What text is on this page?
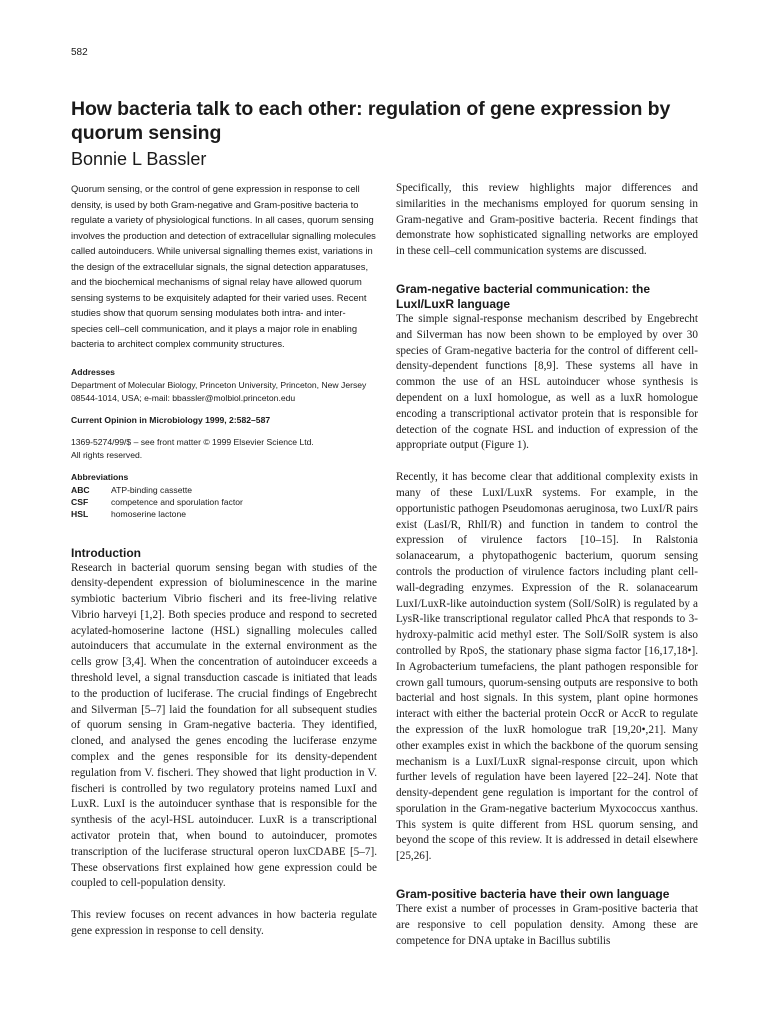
582
How bacteria talk to each other: regulation of gene expression by quorum sensing
Bonnie L Bassler

Quorum sensing, or the control of gene expression in response to cell density, is used by both Gram-negative and Gram-positive bacteria to regulate a variety of physiological functions. In all cases, quorum sensing involves the production and detection of extracellular signalling molecules called autoinducers. While universal signalling themes exist, variations in the design of the extracellular signals, the signal detection apparatuses, and the biochemical mechanisms of signal relay have allowed quorum sensing systems to be exquisitely adapted for their varied uses. Recent studies show that quorum sensing modulates both intra- and inter-species cell–cell communication, and it plays a major role in enabling bacteria to architect complex community structures.

Addresses

Department of Molecular Biology, Princeton University, Princeton, New Jersey 08544-1014, USA; e-mail: bbassler@molbiol.princeton.edu

Current Opinion in Microbiology 1999, 2:582–587

1369-5274/99/$ – see front matter © 1999 Elsevier Science Ltd.

All rights reserved.

Abbreviations
ABC	ATP-binding cassette
CSF	competence and sporulation factor
HSL	homoserine lactone
Introduction

Research in bacterial quorum sensing began with studies of the density-dependent expression of bioluminescence in the marine symbiotic bacterium Vibrio fischeri and its free-living relative Vibrio harveyi [1,2]. Both species produce and respond to secreted acylated-homoserine lactone (HSL) signalling molecules called autoinducers that accumulate in the external environment as the cells grow [3,4]. When the concentration of autoinducer exceeds a threshold level, a signal transduction cascade is initiated that leads to the production of luciferase. The crucial findings of Engebrecht and Silverman [5–7] laid the foundation for all subsequent studies of quorum sensing in Gram-negative bacteria. They identified, cloned, and analysed the genes encoding the luciferase enzyme complex and the genes responsible for its density-dependent regulation from V. fischeri. They showed that light production in V. fischeri is controlled by two regulatory proteins named LuxI and LuxR. LuxI is the autoinducer synthase that is responsible for the synthesis of the acyl-HSL autoinducer. LuxR is a transcriptional activator protein that, when bound to autoinducer, promotes transcription of the luciferase structural operon luxCDABE [5–7]. These observations first explained how gene expression could be coupled to cell-population density.

This review focuses on recent advances in how bacteria regulate gene expression in response to cell density.

Specifically, this review highlights major differences and similarities in the mechanisms employed for quorum sensing in Gram-negative and Gram-positive bacteria. Recent findings that demonstrate how sophisticated signalling networks are employed in these cell–cell communication systems are discussed.

Gram-negative bacterial communication: the LuxI/LuxR language

The simple signal-response mechanism described by Engebrecht and Silverman has now been shown to be employed by over 30 species of Gram-negative bacteria for the control of different cell-density-dependent functions [8,9]. These systems all have in common the use of an HSL autoinducer whose synthesis is dependent on a luxI homologue, as well as a luxR homologue encoding a transcriptional activator protein that is responsible for detection of the cognate HSL and induction of expression of the appropriate output (Figure 1).

Recently, it has become clear that additional complexity exists in many of these LuxI/LuxR systems. For example, in the opportunistic pathogen Pseudomonas aeruginosa, two LuxI/R pairs exist (LasI/R, RhlI/R) and function in tandem to control the expression of virulence factors [10–15]. In Ralstonia solanacearum, a phytopathogenic bacterium, quorum sensing controls the production of virulence factors including plant cell-wall-degrading enzymes. Expression of the R. solanacearum LuxI/LuxR-like autoinduction system (SolI/SolR) is regulated by a LysR-like transcriptional regulator called PhcA that responds to 3-hydroxy-palmitic acid methyl ester. The SolI/SolR system is also controlled by RpoS, the stationary phase sigma factor [16,17,18•]. In Agrobacterium tumefaciens, the plant pathogen responsible for crown gall tumours, quorum-sensing outputs are responsive to both bacterial and host signals. In this system, plant opine hormones interact with either the bacterial protein OccR or AccR to regulate the expression of the luxR homologue traR [19,20•,21]. Many other examples exist in which the backbone of the quorum sensing mechanism is a LuxI/LuxR signal-response circuit, upon which further levels of regulation have been layered [22–24]. Note that density-dependent gene regulation is important for the control of sporulation in the Gram-negative bacterium Myxococcus xanthus. This system is quite different from HSL quorum sensing, and beyond the scope of this review. It is addressed in detail elsewhere [25,26].

Gram-positive bacteria have their own language

There exist a number of processes in Gram-positive bacteria that are responsive to cell population density. Among these are competence for DNA uptake in Bacillus subtilis
